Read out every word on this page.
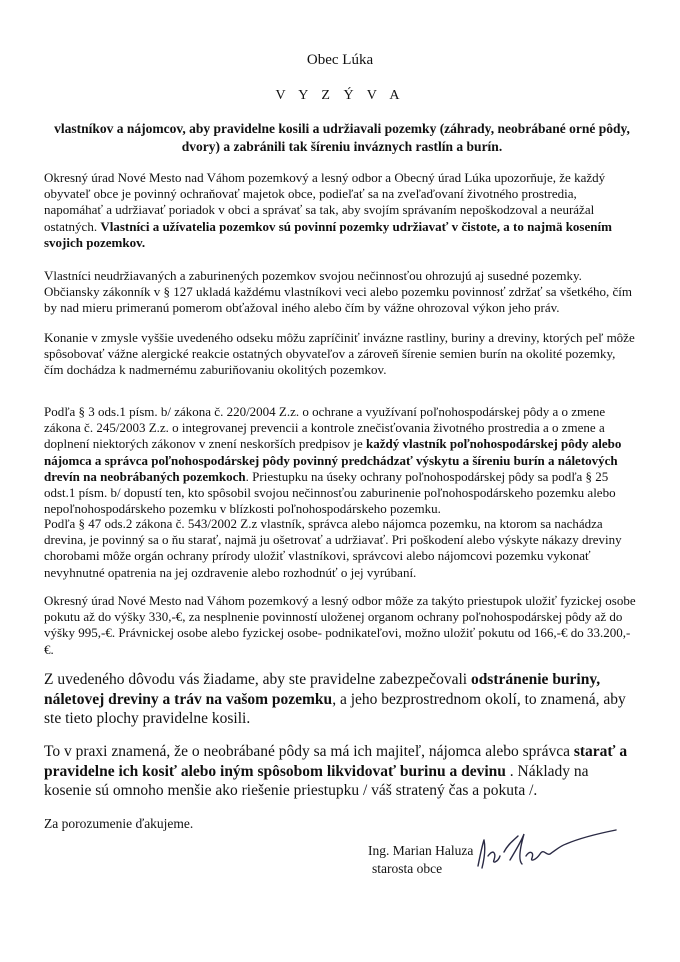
Obec Lúka
V Y Z Ý V A
vlastníkov a nájomcov, aby pravidelne kosili a udržiavali pozemky (záhrady, neobrábané orné pôdy,
dvory) a zabránili tak šíreniu inváznych rastlín a burín.

Okresný úrad Nové Mesto nad Váhom pozemkový a lesný odbor a Obecný úrad Lúka upozorňuje, že každý obyvateľ obce je povinný ochraňovať majetok obce, podieľať sa na zveľaďovaní životného prostredia, napomáhať a udržiavať poriadok v obci a správať sa tak, aby svojím správaním nepoškodzoval a neurážal ostatných. Vlastníci a užívatelia pozemkov sú povinní pozemky udržiavať v čistote, a to najmä kosením svojich pozemkov.

Vlastníci neudržiavaných a zaburinených pozemkov svojou nečinnosťou ohrozujú aj susedné pozemky. Občiansky zákonník v § 127 ukladá každému vlastníkovi veci alebo pozemku povinnosť zdržať sa všetkého, čím by nad mieru primeranú pomerom obťažoval iného alebo čím by vážne ohrozoval výkon jeho práv.

Konanie v zmysle vyššie uvedeného odseku môžu zapríčiniť invázne rastliny, buriny a dreviny, ktorých peľ môže spôsobovať vážne alergické reakcie ostatných obyvateľov a zároveň šírenie semien burín na okolité pozemky, čím dochádza k nadmernému zaburiňovaniu okolitých pozemkov.

Podľa § 3 ods.1 písm. b/ zákona č. 220/2004 Z.z. o ochrane a využívaní poľnohospodárskej pôdy a o zmene zákona č. 245/2003 Z.z. o integrovanej prevencii a kontrole znečisťovania životného prostredia a o zmene a doplnení niektorých zákonov v znení neskorších predpisov je každý vlastník poľnohospodárskej pôdy alebo nájomca a správca poľnohospodárskej pôdy povinný predchádzať výskytu a šíreniu burín a náletových drevín na neobrábaných pozemkoch. Priestupku na úseky ochrany poľnohospodárskej pôdy sa podľa § 25 odst.1 písm. b/ dopustí ten, kto spôsobil svojou nečinnosťou zaburinenie poľnohospodárskeho pozemku alebo nepoľnohospodárskeho pozemku v blízkosti poľnohospodárskeho pozemku.

Podľa § 47 ods.2 zákona č. 543/2002 Z.z vlastník, správca alebo nájomca pozemku, na ktorom sa nachádza drevina, je povinný sa o ňu starať, najmä ju ošetrovať a udržiavať. Pri poškodení alebo výskyte nákazy dreviny chorobami môže orgán ochrany prírody uložiť vlastníkovi, správcovi alebo nájomcovi pozemku vykonať nevyhnutné opatrenia na jej ozdravenie alebo rozhodnúť o jej vyrúbaní.

Okresný úrad Nové Mesto nad Váhom pozemkový a lesný odbor môže za takýto priestupok uložiť fyzickej osobe pokutu až do výšky 330,-€, za nesplnenie povinností uloženej organom ochrany poľnohospodárskej pôdy až do výšky 995,-€. Právnickej osobe alebo fyzickej osobe- podnikateľovi, možno uložiť pokutu od 166,-€ do 33.200,-€.

Z uvedeného dôvodu vás žiadame, aby ste pravidelne zabezpečovali odstránenie buriny, náletovej dreviny a tráv na vašom pozemku, a jeho bezprostrednom okolí, to znamená, aby ste tieto plochy pravidelne kosili.

To v praxi znamená, že o neobrábané pôdy sa má ich majiteľ, nájomca alebo správca starať a pravidelne ich kosiť alebo iným spôsobom likvidovať burinu a devinu . Náklady na kosenie sú omnoho menšie ako riešenie priestupku / váš stratený čas a pokuta /.

Za porozumenie ďakujeme.

Ing. Marian Haluza
starosta obce
